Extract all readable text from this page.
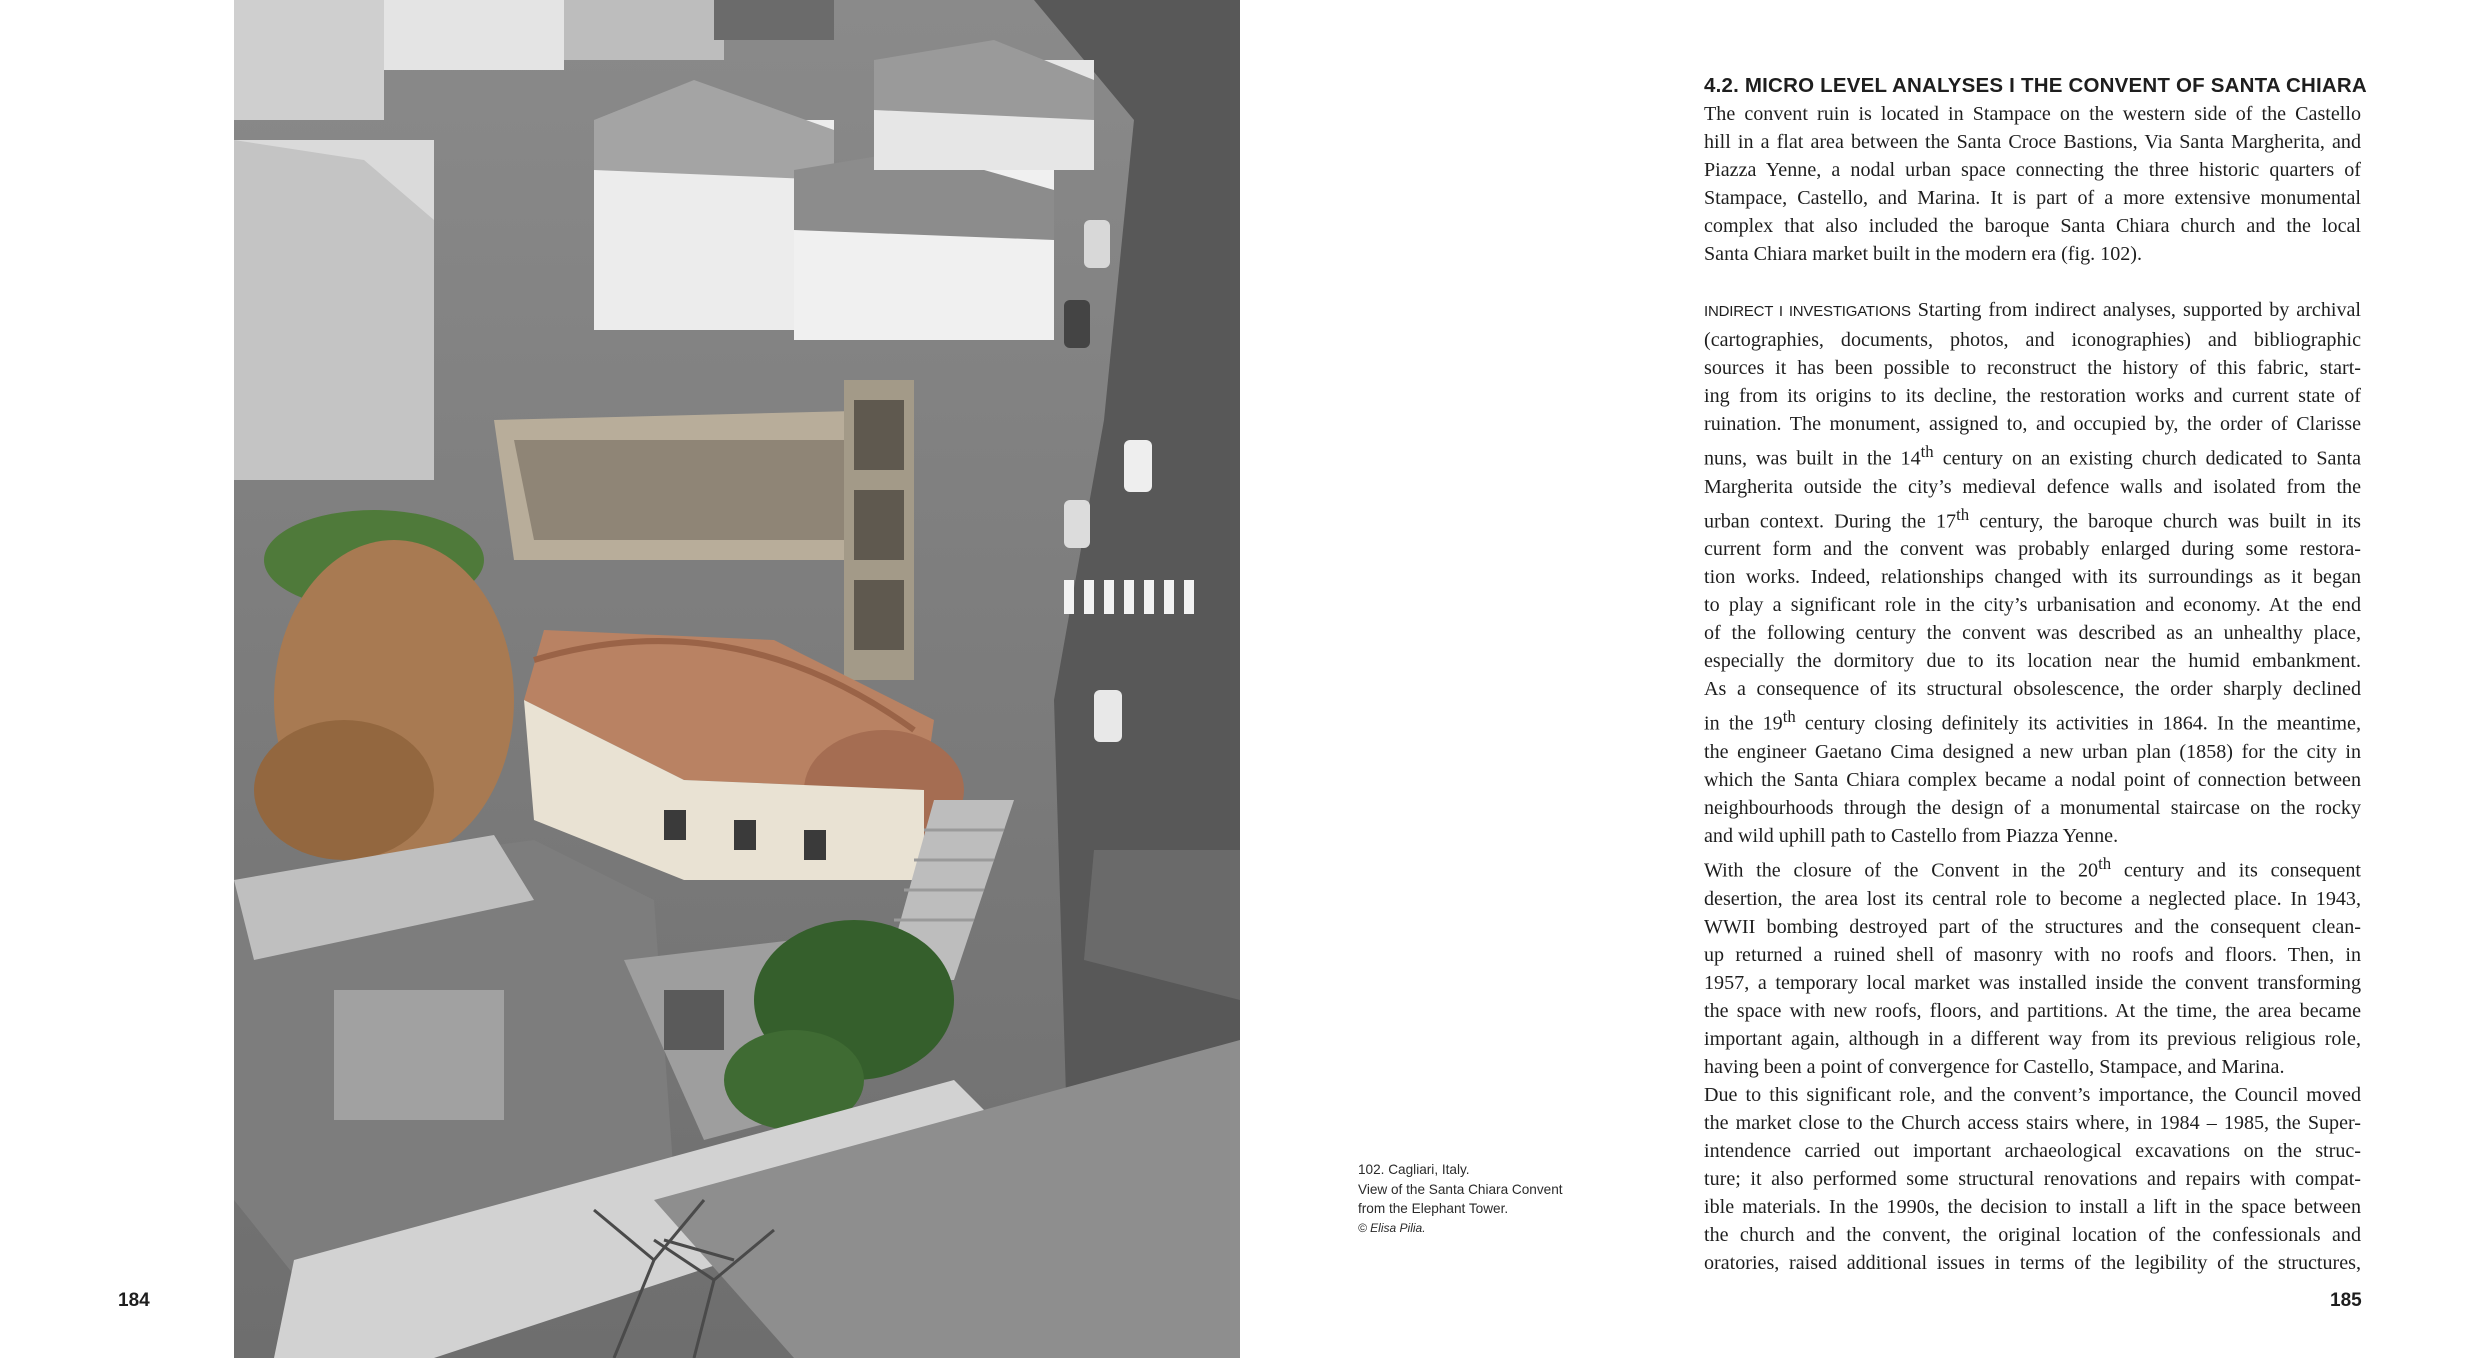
184	185
102. Cagliari, Italy.
View of the Santa Chiara Convent
from the Elephant Tower.
© Elisa Pilia.
4.2. MICRO LEVEL ANALYSES I THE CONVENT OF SANTA CHIARA

The convent ruin is located in Stampace on the western side of the Castello

hill in a flat area between the Santa Croce Bastions, Via Santa Margherita, and

Piazza Yenne, a nodal urban space connecting the three historic quarters of

Stampace, Castello, and Marina. It is part of a more extensive monumental

complex that also included the baroque Santa Chiara church and the local

Santa Chiara market built in the modern era (fig. 102).

INDIRECT I INVESTIGATIONS Starting from indirect analyses, supported by archival

(cartographies, documents, photos, and iconographies) and bibliographic

sources it has been possible to reconstruct the history of this fabric, start-

ing from its origins to its decline, the restoration works and current state of

ruination. The monument, assigned to, and occupied by, the order of Clarisse

nuns, was built in the 14th century on an existing church dedicated to Santa

Margherita outside the city’s medieval defence walls and isolated from the

urban context. During the 17th century, the baroque church was built in its

current form and the convent was probably enlarged during some restora-

tion works. Indeed, relationships changed with its surroundings as it began

to play a significant role in the city’s urbanisation and economy. At the end

of the following century the convent was described as an unhealthy place,

especially the dormitory due to its location near the humid embankment.

As a consequence of its structural obsolescence, the order sharply declined

in the 19th century closing definitely its activities in 1864. In the meantime,

the engineer Gaetano Cima designed a new urban plan (1858) for the city in

which the Santa Chiara complex became a nodal point of connection between

neighbourhoods through the design of a monumental staircase on the rocky

and wild uphill path to Castello from Piazza Yenne.

With the closure of the Convent in the 20th century and its consequent

desertion, the area lost its central role to become a neglected place. In 1943,

WWII bombing destroyed part of the structures and the consequent clean-

up returned a ruined shell of masonry with no roofs and floors. Then, in

1957, a temporary local market was installed inside the convent transforming

the space with new roofs, floors, and partitions. At the time, the area became

important again, although in a different way from its previous religious role,

having been a point of convergence for Castello, Stampace, and Marina.

Due to this significant role, and the convent’s importance, the Council moved

the market close to the Church access stairs where, in 1984 – 1985, the Super-

intendence carried out important archaeological excavations on the struc-

ture; it also performed some structural renovations and repairs with compat-

ible materials. In the 1990s, the decision to install a lift in the space between

the church and the convent, the original location of the confessionals and

oratories, raised additional issues in terms of the legibility of the structures,
